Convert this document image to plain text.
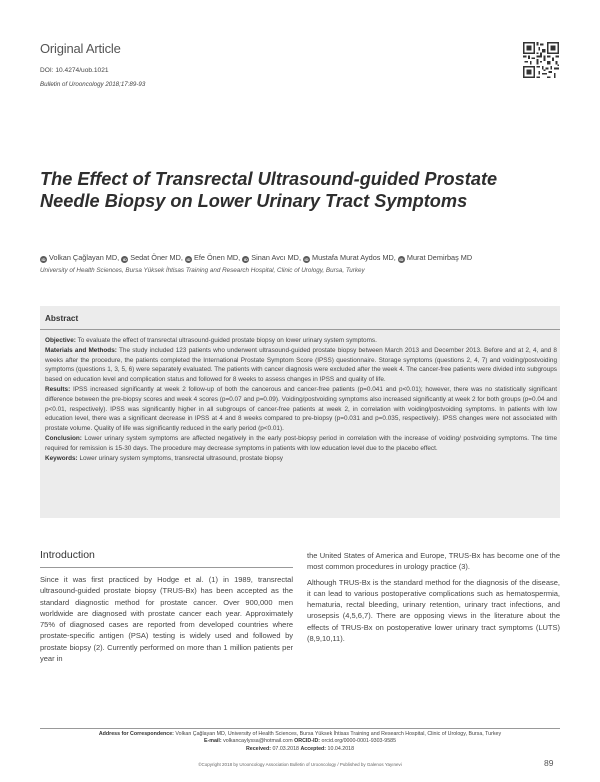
Original Article
DOI: 10.4274/uob.1021
Bulletin of Urooncology 2018;17:89-93
The Effect of Transrectal Ultrasound-guided Prostate
Needle Biopsy on Lower Urinary Tract Symptoms
iD Volkan Çağlayan MD, iD Sedat Öner MD, iD Efe Önen MD, iD Sinan Avcı MD, iD Mustafa Murat Aydos MD, iD Murat Demirbaş MD
University of Health Sciences, Bursa Yüksek İhtisas Training and Research Hospital, Clinic of Urology, Bursa, Turkey
Abstract

Objective: To evaluate the effect of transrectal ultrasound-guided prostate biopsy on lower urinary system symptoms.

Materials and Methods: The study included 123 patients who underwent ultrasound-guided prostate biopsy between March 2013 and December 2013. Before and at 2, 4, and 8 weeks after the procedure, the patients completed the International Prostate Symptom Score (IPSS) questionnaire. Storage symptoms (questions 2, 4, 7) and voiding/postvoiding symptoms (questions 1, 3, 5, 6) were separately evaluated. The patients with cancer diagnosis were excluded after the week 4. The cancer-free patients were divided into subgroups based on education level and complication status and followed for 8 weeks to assess changes in IPSS and quality of life.

Results: IPSS increased significantly at week 2 follow-up of both the cancerous and cancer-free patients (p=0.041 and p<0.01); however, there was no statistically significant difference between the pre-biopsy scores and week 4 scores (p=0.07 and p=0.09). Voiding/postvoiding symptoms also increased significantly at week 2 for both groups (p=0.04 and p<0.01, respectively). IPSS was significantly higher in all subgroups of cancer-free patients at week 2, in correlation with voiding/postvoiding symptoms. In patients with low education level, there was a significant decrease in IPSS at 4 and 8 weeks compared to pre-biopsy (p=0.031 and p=0.035, respectively). IPSS changes were not associated with prostate volume. Quality of life was significantly reduced in the early period (p<0.01).

Conclusion: Lower urinary system symptoms are affected negatively in the early post-biopsy period in correlation with the increase of voiding/ postvoiding symptoms. The time required for remission is 15-30 days. The procedure may decrease symptoms in patients with low education level due to the placebo effect.

Keywords: Lower urinary system symptoms, transrectal ultrasound, prostate biopsy

Introduction

Since it was first practiced by Hodge et al. (1) in 1989, transrectal ultrasound-guided prostate biopsy (TRUS-Bx) has been accepted as the standard diagnostic method for prostate cancer. Over 900,000 men worldwide are diagnosed with prostate cancer each year. Approximately 75% of diagnosed cases are reported from developed countries where prostate-specific antigen (PSA) testing is widely used and followed by prostate biopsy (2). Currently performed on more than 1 million patients per year in

the United States of America and Europe, TRUS-Bx has become one of the most common procedures in urology practice (3).

Although TRUS-Bx is the standard method for the diagnosis of the disease, it can lead to various postoperative complications such as hematospermia, hematuria, rectal bleeding, urinary retention, urinary tract infections, and urosepsis (4,5,6,7). There are opposing views in the literature about the effects of TRUS-Bx on postoperative lower urinary tract symptoms (LUTS) (8,9,10,11).

Address for Correspondence: Volkan Çağlayan MD, University of Health Sciences, Bursa Yüksek İhtisas Training and Research Hospital, Clinic of Urology, Bursa, Turkey
E-mail: volkancaylyssa@hotmail.com ORCID-ID: orcid.org/0000-0001-9303-9585
Received: 07.03.2018 Accepted: 10.04.2018
©Copyright 2018 by Urooncology Association Bulletin of Urooncology / Published by Galenos Yayınevi	89
